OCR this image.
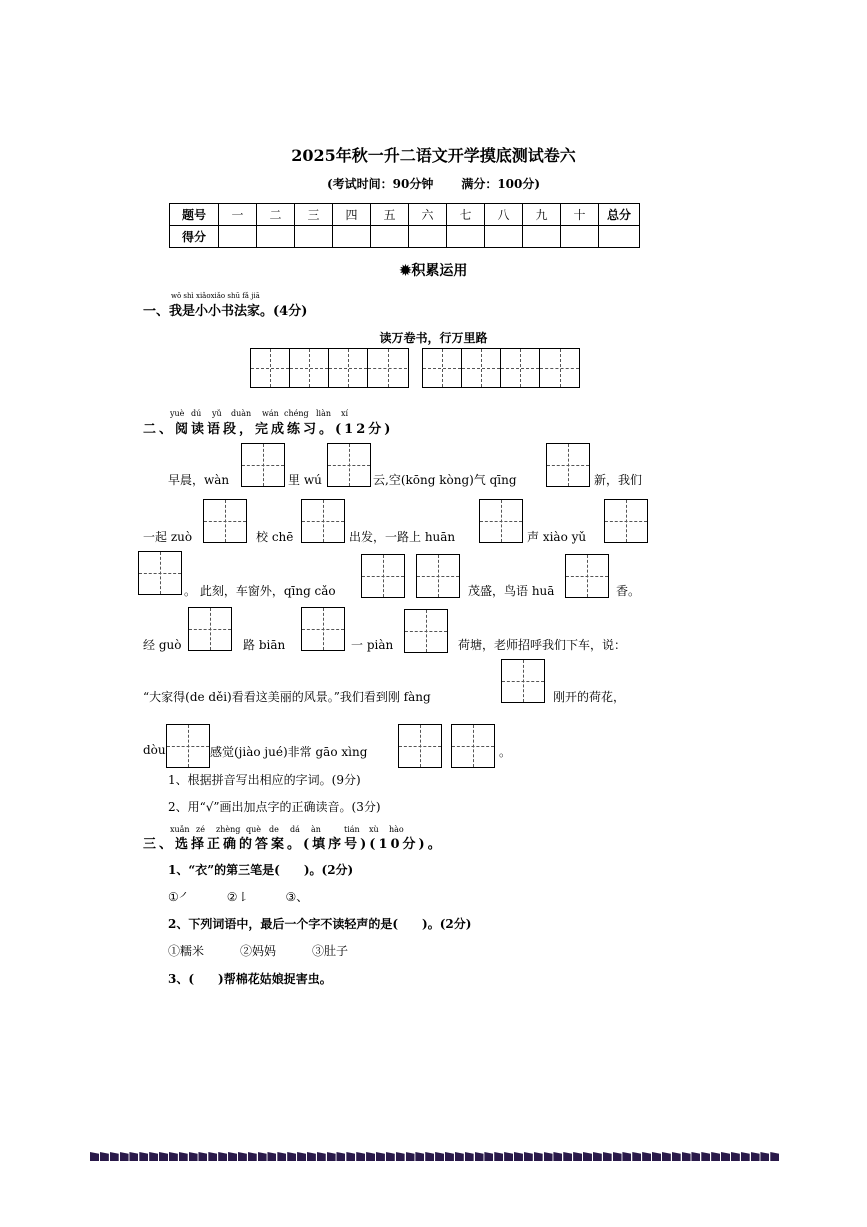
2025年秋一升二语文开学摸底测试卷六
(考试时间：90分钟 满分：100分)
题号	一	二	三	四	五	六	七	八	九	十	总分
得分											
✹积累运用
wǒ shì xiǎoxiǎo shū fǎ jiā
一、我是小小书法家。(4分)
读万卷书，行万里路
yuè dú yǔ duàn wán chéng liàn xí
二、阅读语段，完成练习。(12分)
早晨，wàn	里 wú	云,空(kōng kòng)气 qīng	新，我们
一起 zuò	校 chē	出发，一路上 huān	声 xiào yǔ
。 此刻，车窗外，qīng cǎo	茂盛，鸟语 huā	香。
经 guò	路 biān	一 piàn	荷塘，老师招呼我们下车，说：
“大家得(de děi)看看这美丽的风景。”我们看到刚 fàng	刚开的荷花，
dòu	感觉(jiào jué)非常 gāo xìng	。
1、根据拼音写出相应的字词。(9分)
2、用“√”画出加点字的正确读音。(3分)
xuǎn zé zhèng què de dá àn	tián xù hào
三、选择正确的答案。(填序号)(10分)。
1、“衣”的第三笔是(　　)。(2分)
①㇒　　　②㇙　　　③、
2、下列词语中，最后一个字不读轻声的是(　　)。(2分)
①糯米　　　②妈妈　　　③肚子
3、(　　)帮棉花姑娘捉害虫。
